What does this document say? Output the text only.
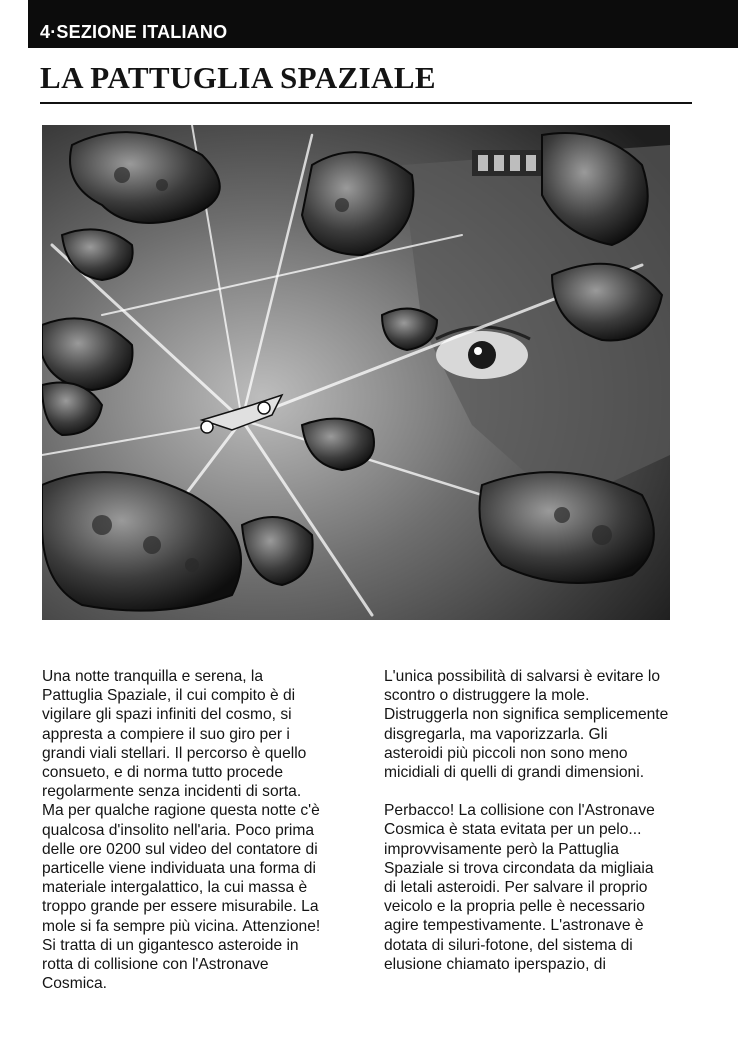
4·SEZIONE ITALIANO
LA PATTUGLIA SPAZIALE

Una notte tranquilla e serena, la Pattuglia Spaziale, il cui compito è di vigilare gli spazi infiniti del cosmo, si appresta a compiere il suo giro per i grandi viali stellari. Il percorso è quello consueto, e di norma tutto procede regolarmente senza incidenti di sorta. Ma per qualche ragione questa notte c'è qualcosa d'insolito nell'aria. Poco prima delle ore 0200 sul video del contatore di particelle viene individuata una forma di materiale intergalattico, la cui massa è troppo grande per essere misurabile. La mole si fa sempre più vicina. Attenzione! Si tratta di un gigantesco asteroide in rotta di collisione con l'Astronave Cosmica.

L'unica possibilità di salvarsi è evitare lo scontro o distruggere la mole. Distruggerla non significa semplicemente disgregarla, ma vaporizzarla. Gli asteroidi più piccoli non sono meno micidiali di quelli di grandi dimensioni.

Perbacco! La collisione con l'Astronave Cosmica è stata evitata per un pelo... improvvisamente però la Pattuglia Spaziale si trova circondata da migliaia di letali asteroidi. Per salvare il proprio veicolo e la propria pelle è necessario agire tempestivamente. L'astronave è dotata di siluri-fotone, del sistema di elusione chiamato iperspazio, di
